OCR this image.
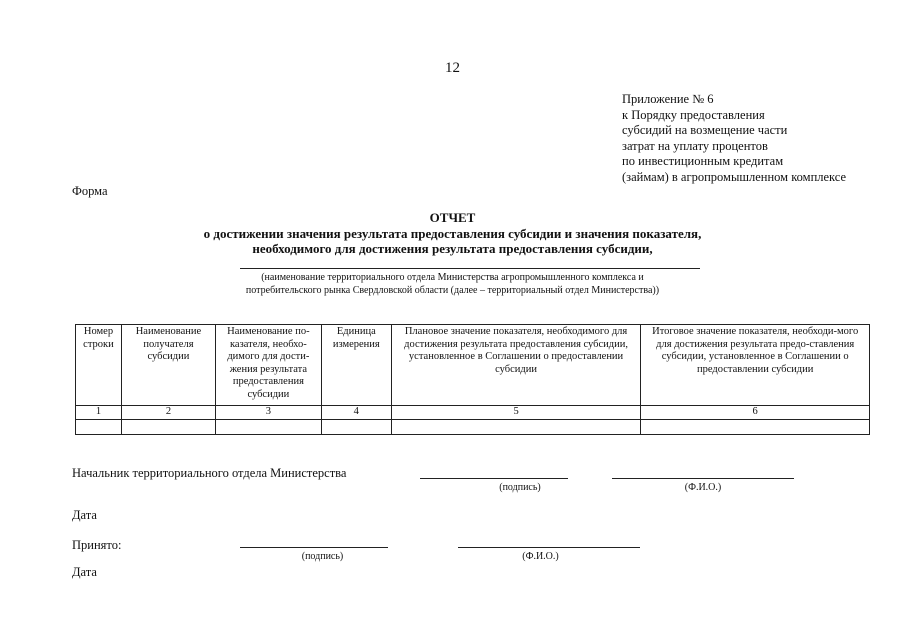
12
Приложение № 6
к Порядку предоставления
субсидий на возмещение части
затрат на уплату процентов
по инвестиционным кредитам
(займам) в агропромышленном комплексе
Форма
ОТЧЕТ
о достижении значения результата предоставления субсидии и значения показателя,
необходимого для достижения результата предоставления субсидии,
(наименование территориального отдела Министерства агропромышленного комплекса и
потребительского рынка Свердловской области (далее – территориальный отдел Министерства))
Номер строки	Наименование получателя субсидии	Наименование по-казателя, необхо-димого для дости-жения результата предоставления субсидии	Единица измерения	Плановое значение показателя, необходимого для достижения результата предоставления субсидии, установленное в Соглашении о предоставлении субсидии	Итоговое значение показателя, необходи-мого для достижения результата предо-ставления субсидии, установленное в Соглашении о предоставлении субсидии
1	2	3	4	5	6

Начальник территориального отдела Министерства
(подпись)	(Ф.И.О.)
Дата
Принято:
(подпись)	(Ф.И.О.)
Дата
